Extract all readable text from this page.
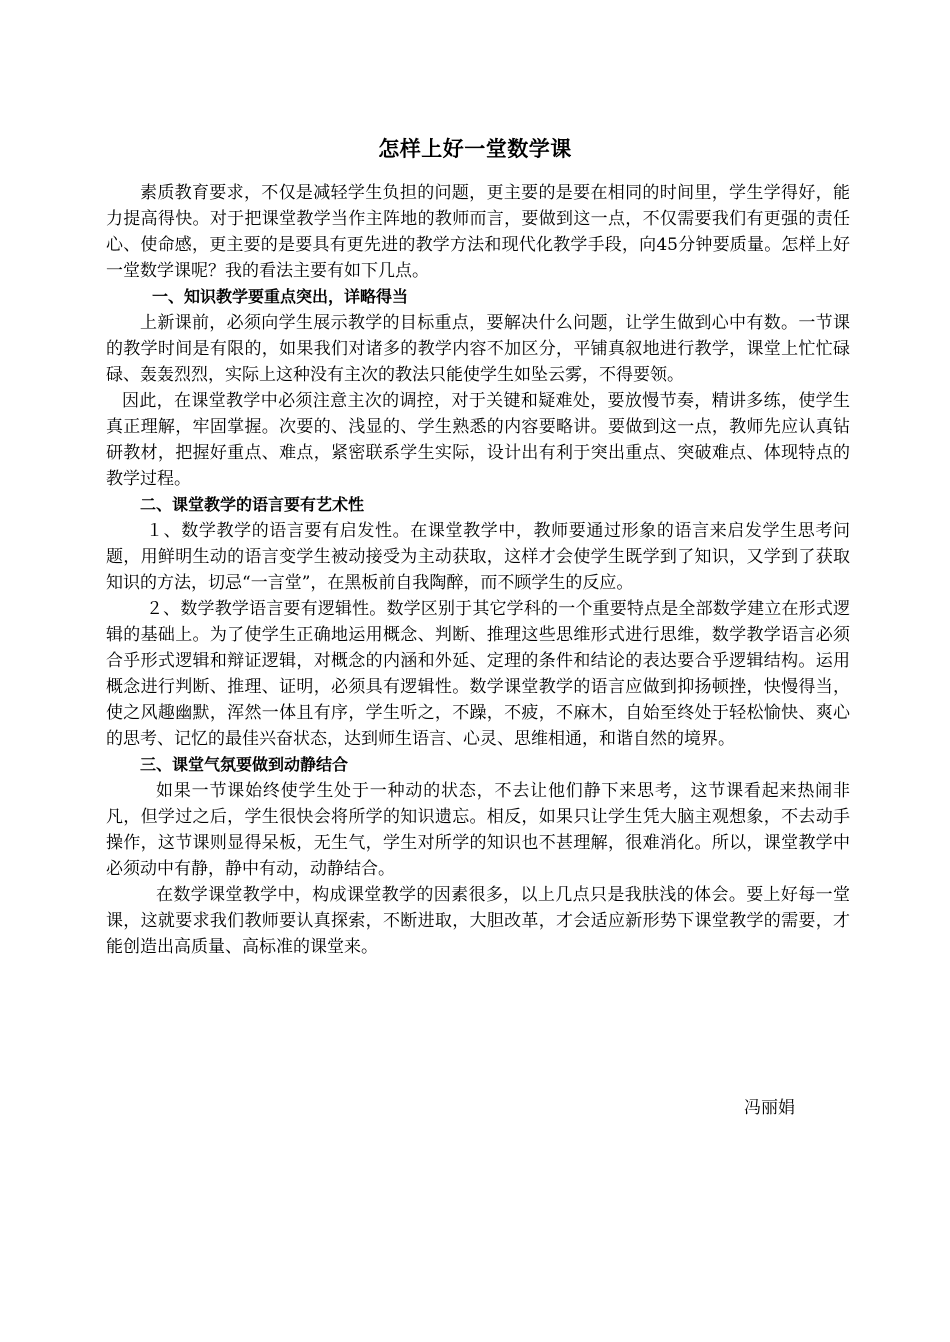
怎样上好一堂数学课

素质教育要求，不仅是减轻学生负担的问题，更主要的是要在相同的时间里，学生学得好，能力提高得快。对于把课堂教学当作主阵地的教师而言，要做到这一点，不仅需要我们有更强的责任心、使命感，更主要的是要具有更先进的教学方法和现代化教学手段，向45分钟要质量。怎样上好一堂数学课呢？我的看法主要有如下几点。

一、知识教学要重点突出，详略得当

上新课前，必须向学生展示教学的目标重点，要解决什么问题，让学生做到心中有数。一节课的教学时间是有限的，如果我们对诸多的教学内容不加区分，平铺真叙地进行教学，课堂上忙忙碌碌、轰轰烈烈，实际上这种没有主次的教法只能使学生如坠云雾，不得要领。

因此，在课堂教学中必须注意主次的调控，对于关键和疑难处，要放慢节奏，精讲多练，使学生真正理解，牢固掌握。次要的、浅显的、学生熟悉的内容要略讲。要做到这一点，教师先应认真钻研教材，把握好重点、难点，紧密联系学生实际，设计出有利于突出重点、突破难点、体现特点的教学过程。

二、课堂教学的语言要有艺术性

１、数学教学的语言要有启发性。在课堂教学中，教师要通过形象的语言来启发学生思考问题，用鲜明生动的语言变学生被动接受为主动获取，这样才会使学生既学到了知识，又学到了获取知识的方法，切忌“一言堂”，在黑板前自我陶醉，而不顾学生的反应。

２、数学教学语言要有逻辑性。数学区别于其它学科的一个重要特点是全部数学建立在形式逻辑的基础上。为了使学生正确地运用概念、判断、推理这些思维形式进行思维，数学教学语言必须合乎形式逻辑和辩证逻辑，对概念的内涵和外延、定理的条件和结论的表达要合乎逻辑结构。运用概念进行判断、推理、证明，必须具有逻辑性。数学课堂教学的语言应做到抑扬顿挫，快慢得当，使之风趣幽默，浑然一体且有序，学生听之，不躁，不疲，不麻木，自始至终处于轻松愉快、爽心的思考、记忆的最佳兴奋状态，达到师生语言、心灵、思维相通，和谐自然的境界。

三、课堂气氛要做到动静结合

如果一节课始终使学生处于一种动的状态，不去让他们静下来思考，这节课看起来热闹非凡，但学过之后，学生很快会将所学的知识遗忘。相反，如果只让学生凭大脑主观想象，不去动手操作，这节课则显得呆板，无生气，学生对所学的知识也不甚理解，很难消化。所以，课堂教学中必须动中有静，静中有动，动静结合。

在数学课堂教学中，构成课堂教学的因素很多，以上几点只是我肤浅的体会。要上好每一堂课，这就要求我们教师要认真探索，不断进取，大胆改革，才会适应新形势下课堂教学的需要，才能创造出高质量、高标准的课堂来。

冯丽娟
